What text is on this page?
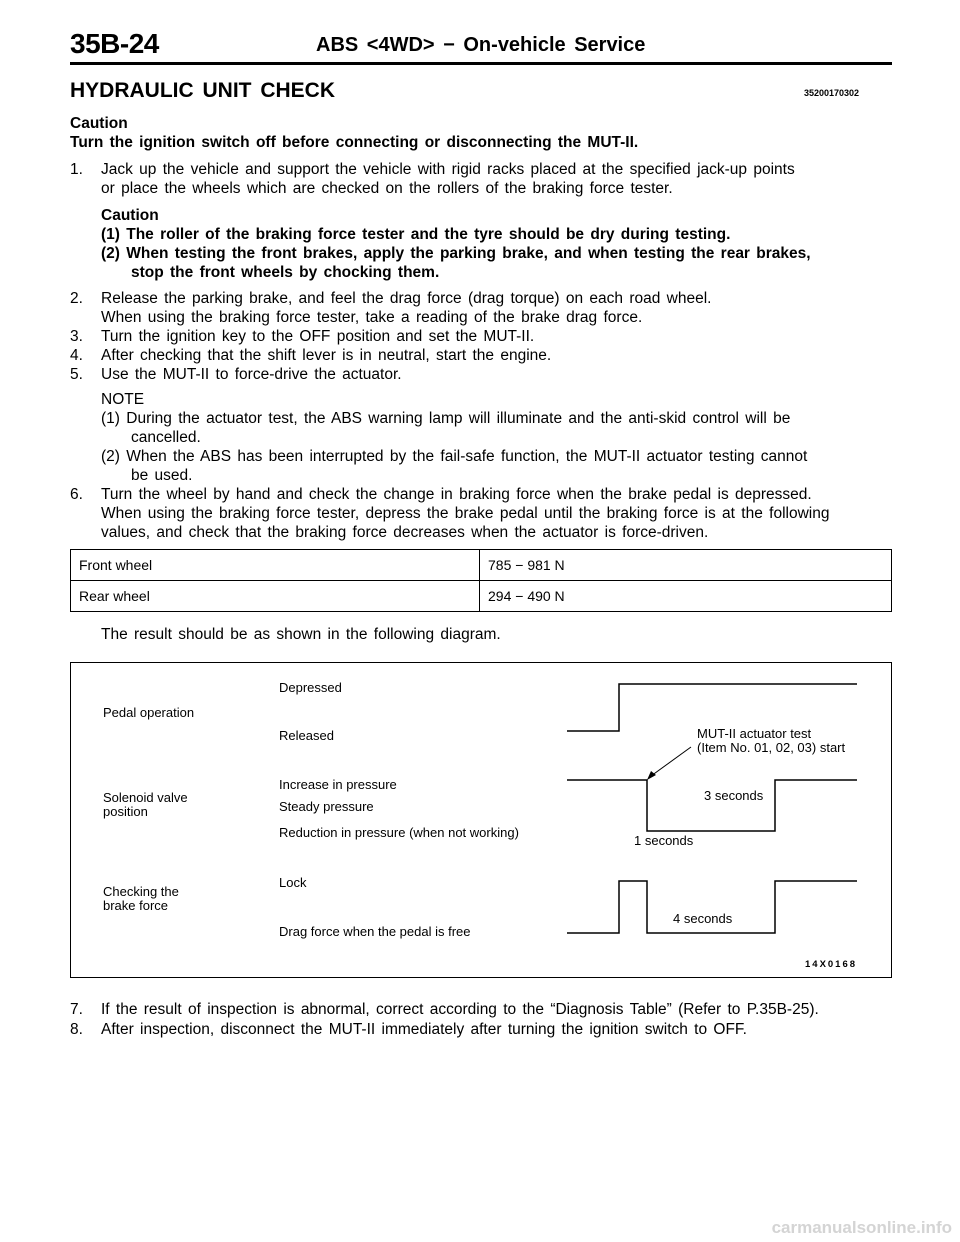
35B-24	ABS <4WD> − On-vehicle Service
HYDRAULIC UNIT CHECK	35200170302
Caution
Turn the ignition switch off before connecting or disconnecting the MUT-II.
1. Jack up the vehicle and support the vehicle with rigid racks placed at the specified jack-up points
or place the wheels which are checked on the rollers of the braking force tester.
Caution
(1) The roller of the braking force tester and the tyre should be dry during testing.
(2) When testing the front brakes, apply the parking brake, and when testing the rear brakes,
stop the front wheels by chocking them.
2. Release the parking brake, and feel the drag force (drag torque) on each road wheel.
When using the braking force tester, take a reading of the brake drag force.
3. Turn the ignition key to the OFF position and set the MUT-II.
4. After checking that the shift lever is in neutral, start the engine.
5. Use the MUT-II to force-drive the actuator.
NOTE
(1) During the actuator test, the ABS warning lamp will illuminate and the anti-skid control will be
cancelled.
(2) When the ABS has been interrupted by the fail-safe function, the MUT-II actuator testing cannot
be used.
6. Turn the wheel by hand and check the change in braking force when the brake pedal is depressed.
When using the braking force tester, depress the brake pedal until the braking force is at the following
values, and check that the braking force decreases when the actuator is force-driven.
Front wheel	785 − 981 N
Rear wheel	294 − 490 N
The result should be as shown in the following diagram.
Pedal operation
Depressed
Released	MUT-II actuator test
(Item No. 01, 02, 03) start
Solenoid valve
position
Increase in pressure
Steady pressure
Reduction in pressure (when not working)
3 seconds
1 seconds
Checking the
brake force
Lock
Drag force when the pedal is free
4 seconds
14X0168
7. If the result of inspection is abnormal, correct according to the “Diagnosis Table” (Refer to P.35B-25).
8. After inspection, disconnect the MUT-II immediately after turning the ignition switch to OFF.
carmanualsonline.info
